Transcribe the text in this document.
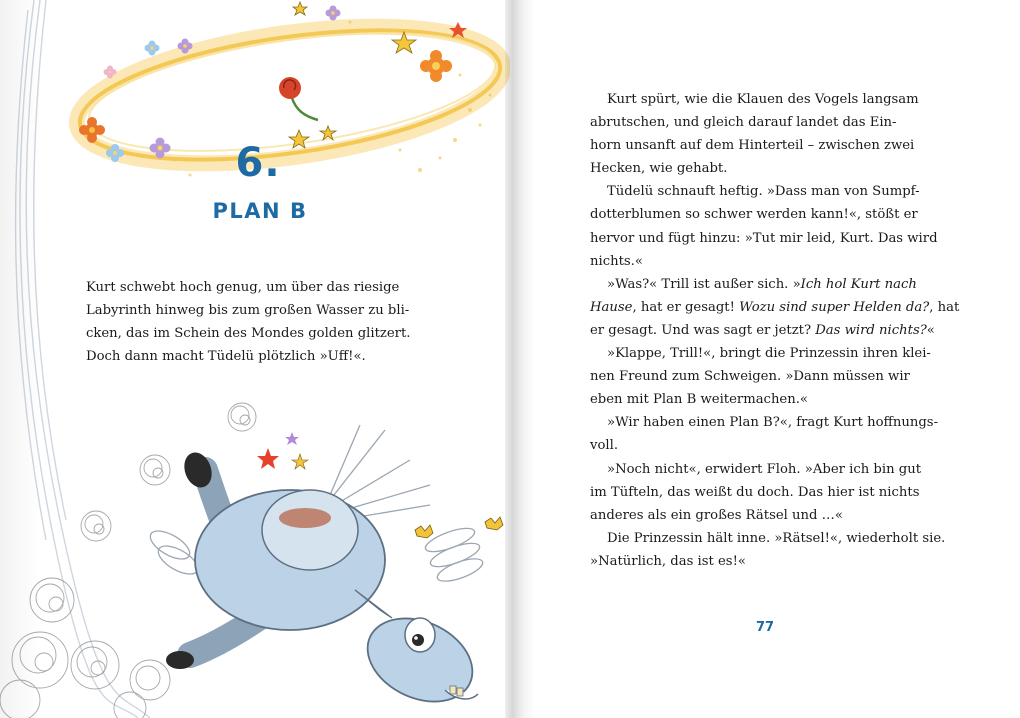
6.
PLAN B

Kurt schwebt hoch genug, um über das riesige
Labyrinth hinweg bis zum großen Wasser zu bli-
cken, das im Schein des Mondes golden glitzert.
Doch dann macht Tüdelü plötzlich »Uff!«.

Kurt spürt, wie die Klauen des Vogels langsam
abrutschen, und gleich darauf landet das Ein-
horn unsanft auf dem Hinterteil – zwischen zwei
Hecken, wie gehabt.
Tüdelü schnauft heftig. »Dass man von Sumpf-
dotterblumen so schwer werden kann!«, stößt er
hervor und fügt hinzu: »Tut mir leid, Kurt. Das wird
nichts.«
»Was?« Trill ist außer sich. »Ich hol Kurt nach
Hause, hat er gesagt! Wozu sind super Helden da?, hat
er gesagt. Und was sagt er jetzt? Das wird nichts?«
»Klappe, Trill!«, bringt die Prinzessin ihren klei-
nen Freund zum Schweigen. »Dann müssen wir
eben mit Plan B weitermachen.«
»Wir haben einen Plan B?«, fragt Kurt hoffnungs-
voll.
»Noch nicht«, erwidert Floh. »Aber ich bin gut
im Tüfteln, das weißt du doch. Das hier ist nichts
anderes als ein großes Rätsel und …«
Die Prinzessin hält inne. »Rätsel!«, wiederholt sie.
»Natürlich, das ist es!«
77
